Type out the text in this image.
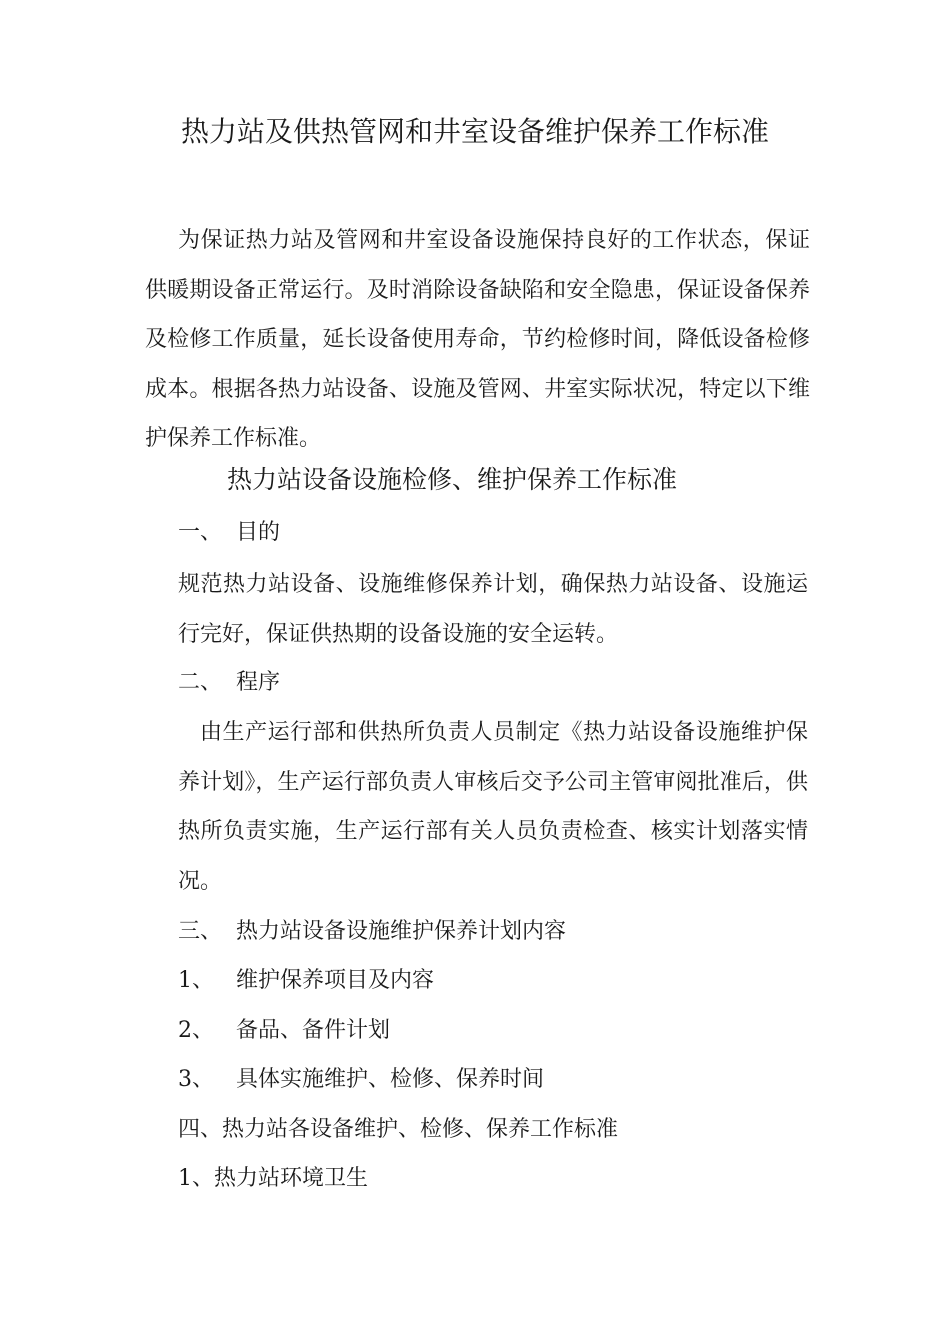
热力站及供热管网和井室设备维护保养工作标准
为保证热力站及管网和井室设备设施保持良好的工作状态，保证供暖期设备正常运行。及时消除设备缺陷和安全隐患，保证设备保养及检修工作质量，延长设备使用寿命，节约检修时间，降低设备检修成本。根据各热力站设备、设施及管网、井室实际状况，特定以下维护保养工作标准。
热力站设备设施检修、维护保养工作标准
一、 目的
规范热力站设备、设施维修保养计划，确保热力站设备、设施运行完好，保证供热期的设备设施的安全运转。
二、 程序
由生产运行部和供热所负责人员制定《热力站设备设施维护保养计划》，生产运行部负责人审核后交予公司主管审阅批准后，供热所负责实施，生产运行部有关人员负责检查、核实计划落实情况。
三、 热力站设备设施维护保养计划内容
1、 维护保养项目及内容
2、 备品、备件计划
3、 具体实施维护、检修、保养时间
四、热力站各设备维护、检修、保养工作标准
1、热力站环境卫生
